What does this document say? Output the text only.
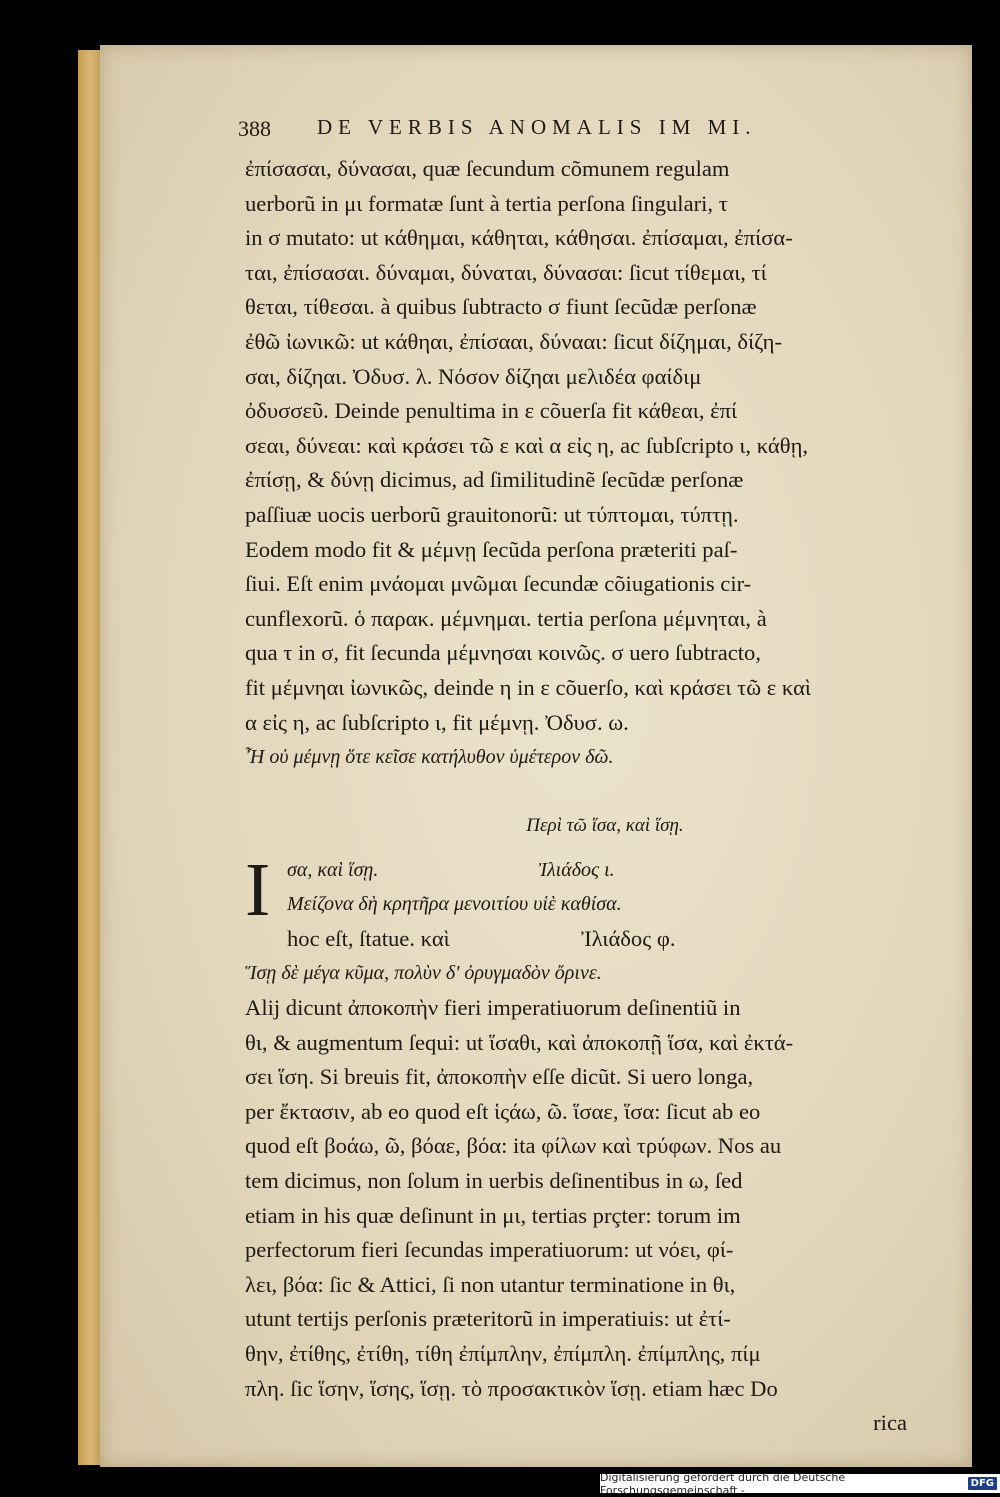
388 DE VERBIS ANOMALIS IM MI.
ἐπίσασαι, δύνασαι, quæ ſecundum cõmunem regulam
uerborũ in μι formatæ ſunt à tertia perſona ſingulari, τ
in σ mutato: ut κάθημαι, κάθηται, κάθησαι. ἐπίσαμαι, ἐπίσα-
ται, ἐπίσασαι. δύναμαι, δύναται, δύνασαι: ſicut τίθεμαι, τί
θεται, τίθεσαι. à quibus ſubtracto σ fiunt ſecũdæ perſonæ
ἐθῶ ἰωνικῶ: ut κάθηαι, ἐπίσααι, δύνααι: ſicut δίζημαι, δίζη-
σαι, δίζηαι. Ὀδυσ. λ. Νόσον δίζηαι μελιδέα φαίδιμ
ὀδυσσεῦ. Deinde penultima in ε cõuerſa fit κάθεαι, ἐπί
σεαι, δύνεαι: καὶ κράσει τῶ ε καὶ α εἰς η, ac ſubſcripto ι, κάθῃ,
ἐπίσῃ, & δύνῃ dicimus, ad ſimilitudinẽ ſecũdæ perſonæ
paſſiuæ uocis uerborũ grauitonorũ: ut τύπτομαι, τύπτῃ.
Eodem modo fit & μέμνῃ ſecũda perſona præteriti paſ-
ſiui. Eſt enim μνάομαι μνῶμαι ſecundæ cõiugationis cir-
cunflexorũ. ὁ παρακ. μέμνημαι. tertia perſona μέμνηται, à
qua τ in σ, fit ſecunda μέμνησαι κοινῶς. σ uero ſubtracto,
fit μέμνηαι ἰωνικῶς, deinde η in ε cõuerſo, καὶ κράσει τῶ ε καὶ
α εἰς η, ac ſubſcripto ι, fit μέμνῃ. Ὀδυσ. ω.
Ἦ οὐ μέμνῃ ὅτε κεῖσε κατήλυθον ὑμέτερον δῶ.
Περὶ τῶ ἵσα, καὶ ἵσῃ.
I σα, καὶ ἵσῃ.	Ἰλιάδος ι.
Μείζονα δὴ κρητῆρα μενοιτίου υἱὲ καθίσα.
hoc eſt, ſtatue. καὶ	Ἰλιάδος φ.
Ἵσῃ δὲ μέγα κῦμα, πολὺν δ' ὀρυγμαδὸν ὄρινε.
Alij dicunt ἀποκοπὴν fieri imperatiuorum deſinentiũ in
θι, & augmentum ſequi: ut ἵσαθι, καὶ ἀποκοπῇ ἵσα, καὶ ἐκτά-
σει ἵση. Si breuis fit, ἀποκοπὴν eſſe dicũt. Si uero longa,
per ἔκτασιν, ab eo quod eſt ἱςάω, ῶ. ἵσαε, ἵσα: ſicut ab eo
quod eſt βοάω, ῶ, βόαε, βόα: ita φίλων καὶ τρύφων. Nos au
tem dicimus, non ſolum in uerbis deſinentibus in ω, ſed
etiam in his quæ deſinunt in μι, tertias prçter: torum im
perfectorum fieri ſecundas imperatiuorum: ut νόει, φί-
λει, βόα: ſic & Attici, ſi non utantur terminatione in θι,
utunt tertijs perſonis præteritorũ in imperatiuis: ut ἐτί-
θην, ἐτίθης, ἐτίθη, τίθη ἐπίμπλην, ἐπίμπλη. ἐπίμπλης, πίμ
πλη. ſic ἵσην, ἵσης, ἵσῃ. τὸ προσακτικὸν ἵσῃ. etiam hæc Do
rica
Digitalisierung gefördert durch die Deutsche Forschungsgemeinschaft -	DFG
